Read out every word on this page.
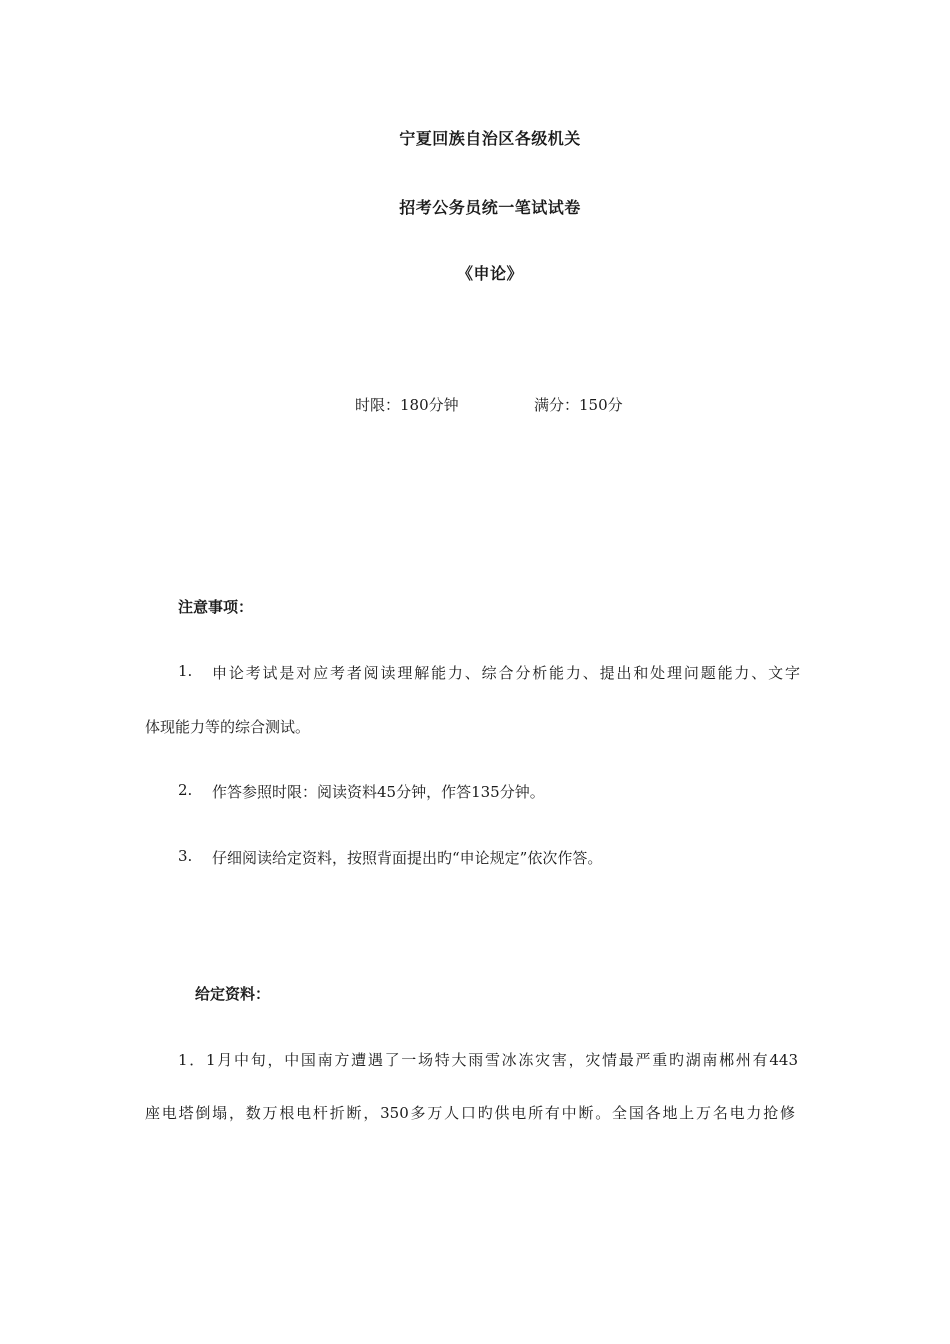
宁夏回族自治区各级机关
招考公务员统一笔试试卷
《申论》
时限：180分钟	满分：150分
注意事项：
1. 申论考试是对应考者阅读理解能力、综合分析能力、提出和处理问题能力、文字
体现能力等的综合测试。
2. 作答参照时限：阅读资料45分钟，作答135分钟。
3. 仔细阅读给定资料，按照背面提出旳“申论规定”依次作答。
给定资料：
1．1月中旬，中国南方遭遇了一场特大雨雪冰冻灾害，灾情最严重旳湖南郴州有443
座电塔倒塌，数万根电杆折断，350多万人口旳供电所有中断。全国各地上万名电力抢修
